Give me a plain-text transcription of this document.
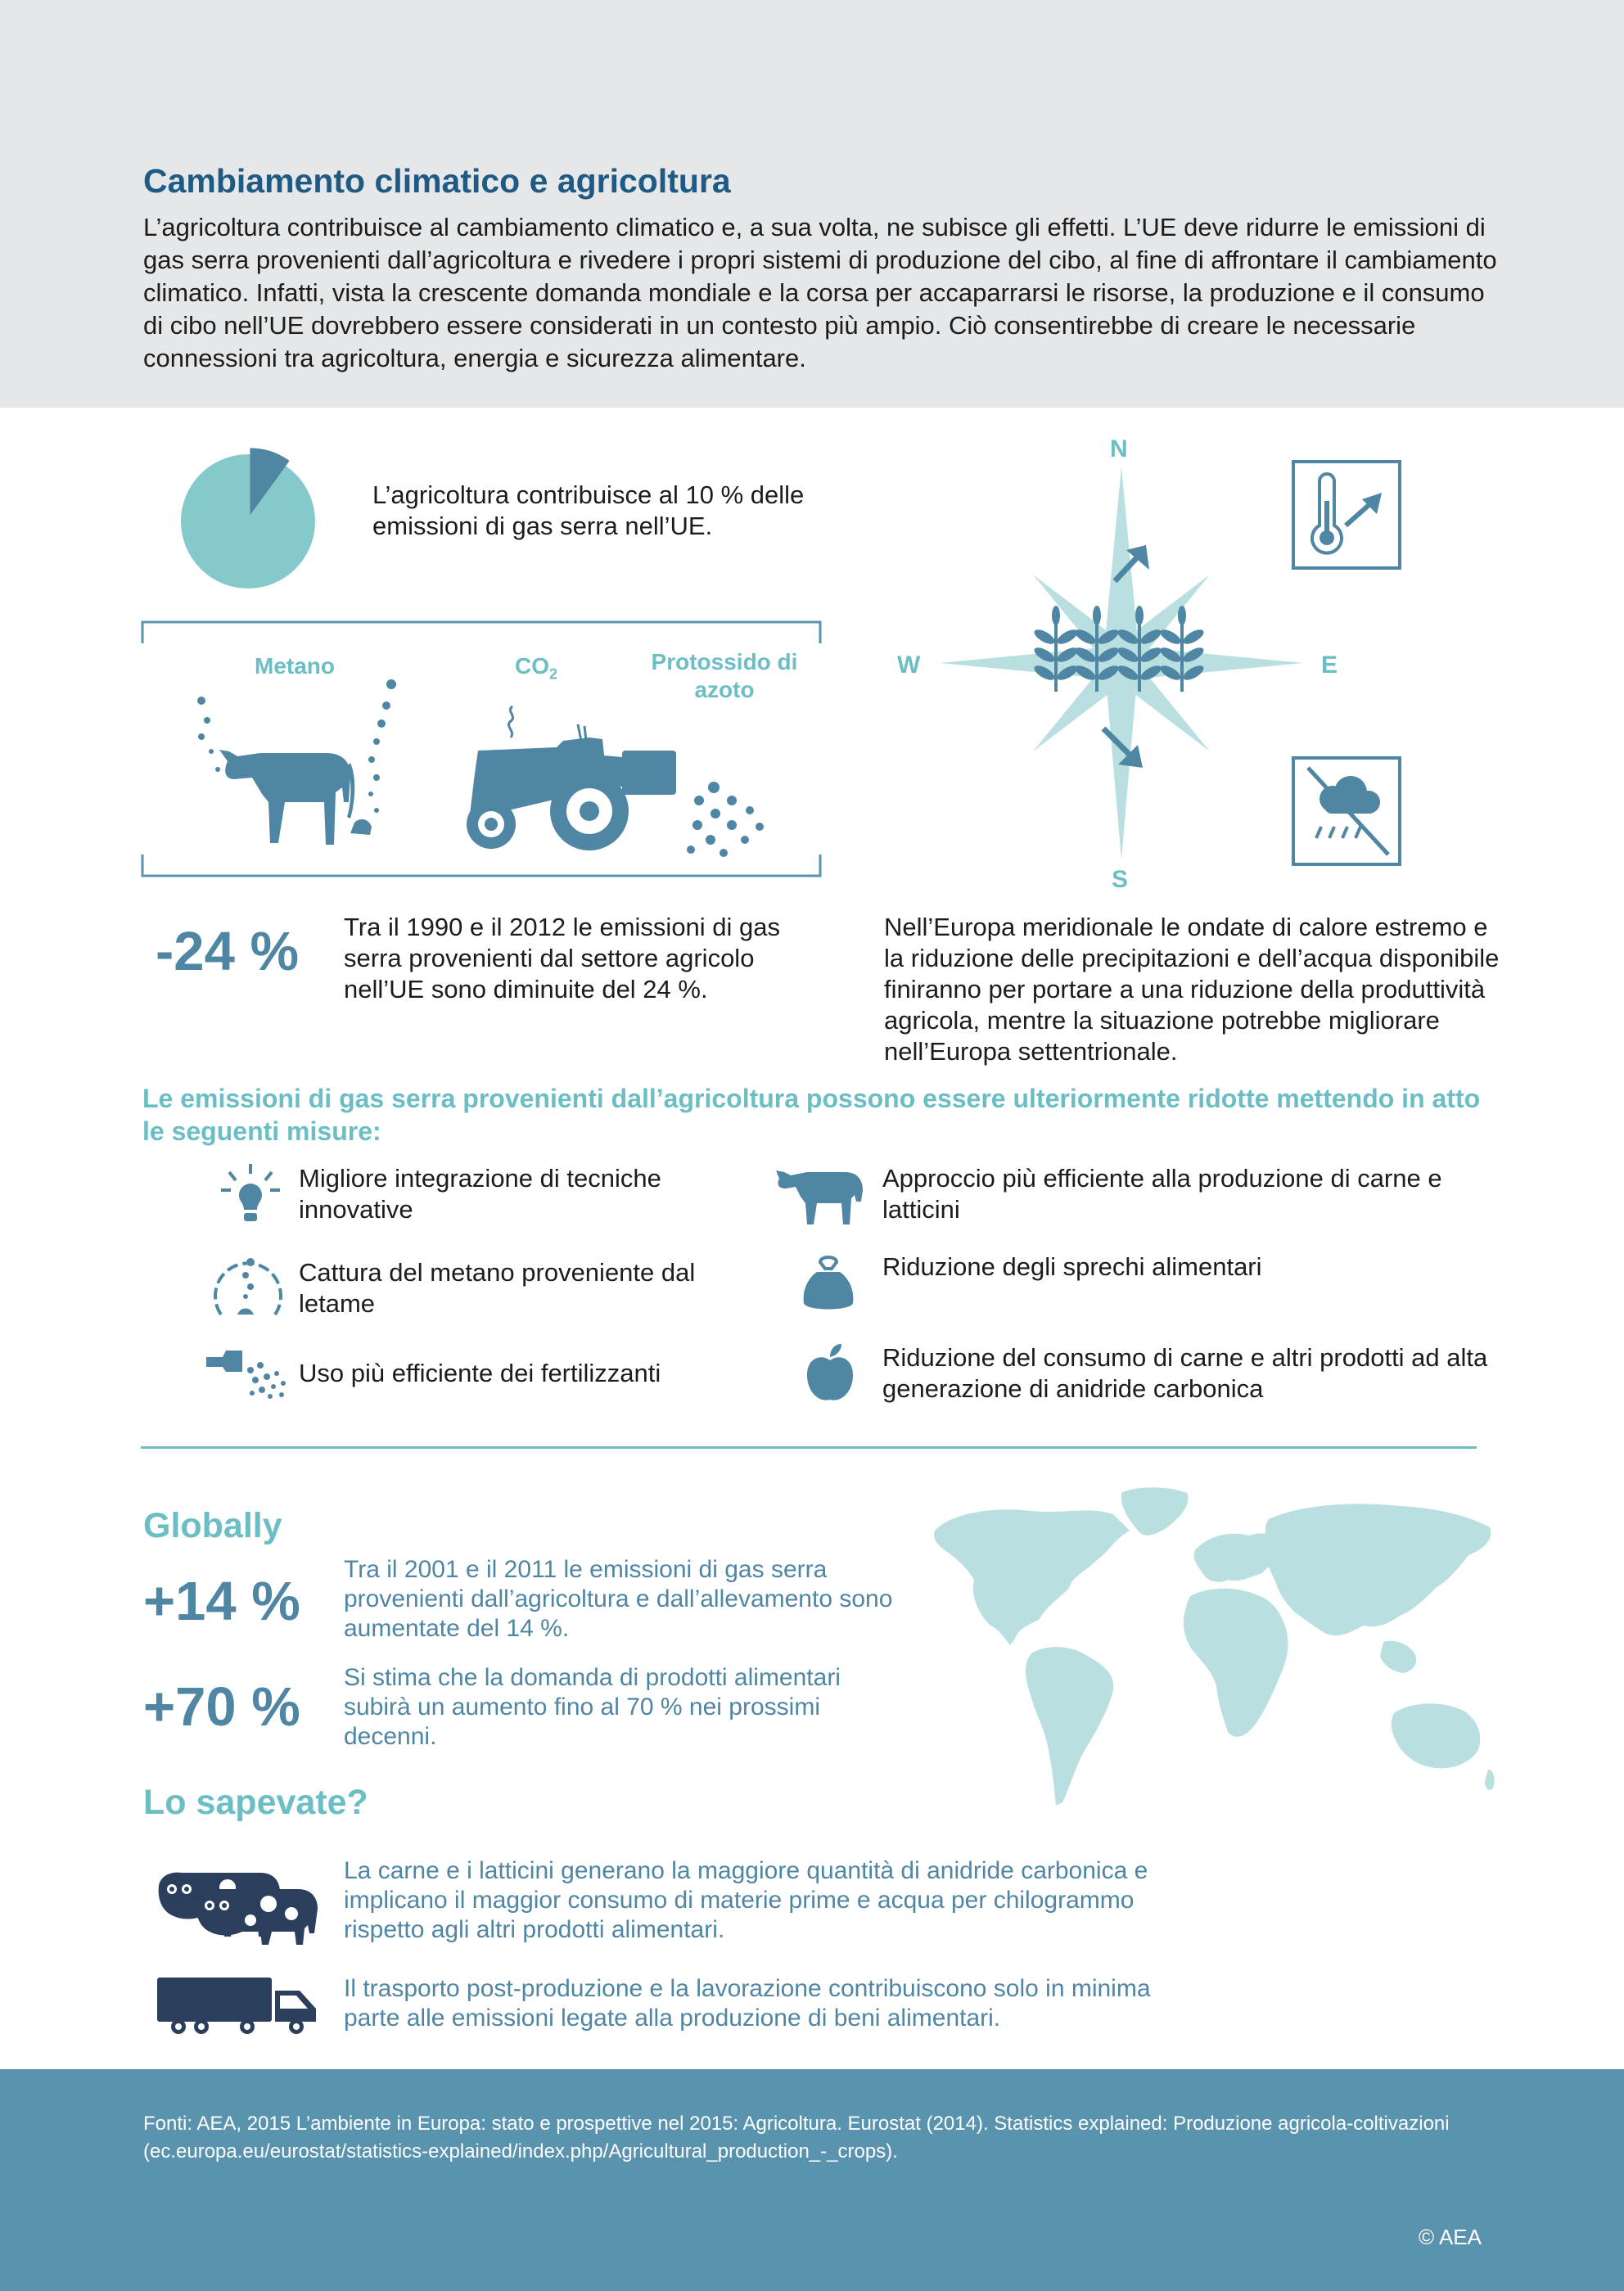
Cambiamento climatico e agricoltura
L’agricoltura contribuisce al cambiamento climatico e, a sua volta, ne subisce gli effetti. L’UE deve ridurre le emissioni di gas serra provenienti dall’agricoltura e rivedere i propri sistemi di produzione del cibo, al fine di affrontare il cambiamento climatico. Infatti, vista la crescente domanda mondiale e la corsa per accaparrarsi le risorse, la produzione e il consumo di cibo nell’UE dovrebbero essere considerati in un contesto più ampio. Ciò consentirebbe di creare le necessarie connessioni tra agricoltura, energia e sicurezza alimentare.
L’agricoltura contribuisce al 10 % delle emissioni di gas serra nell’UE.
Metano	$CO_2$	Protossido di azoto
-24 % Tra il 1990 e il 2012 le emissioni di gas serra provenienti dal settore agricolo nell’UE sono diminuite del 24 %.
N
S
W	E
Nell’Europa meridionale le ondate di calore estremo e la riduzione delle precipitazioni e dell’acqua disponibile finiranno per portare a una riduzione della produttività agricola, mentre la situazione potrebbe migliorare nell’Europa settentrionale.
Le emissioni di gas serra provenienti dall’agricoltura possono essere ulteriormente ridotte mettendo in atto le seguenti misure:
Migliore integrazione di tecniche innovative
Cattura del metano proveniente dal letame
Uso più efficiente dei fertilizzanti
Approccio più efficiente alla produzione di carne e latticini
Riduzione degli sprechi alimentari
Riduzione del consumo di carne e altri prodotti ad alta generazione di anidride carbonica
Globally
+14 %
Tra il 2001 e il 2011 le emissioni di gas serra provenienti dall’agricoltura e dall’allevamento sono aumentate del 14 %.
+70 % Si stima che la domanda di prodotti alimentari subirà un aumento fino al 70 % nei prossimi decenni.
Lo sapevate?
La carne e i latticini generano la maggiore quantità di anidride carbonica e implicano il maggior consumo di materie prime e acqua per chilogrammo rispetto agli altri prodotti alimentari.
Il trasporto post-produzione e la lavorazione contribuiscono solo in minima parte alle emissioni legate alla produzione di beni alimentari.
Fonti: AEA, 2015 L’ambiente in Europa: stato e prospettive nel 2015: Agricoltura. Eurostat (2014). Statistics explained: Produzione agricola-coltivazioni (ec.europa.eu/eurostat/statistics-explained/index.php/Agricultural_production_-_crops).
© AEA
